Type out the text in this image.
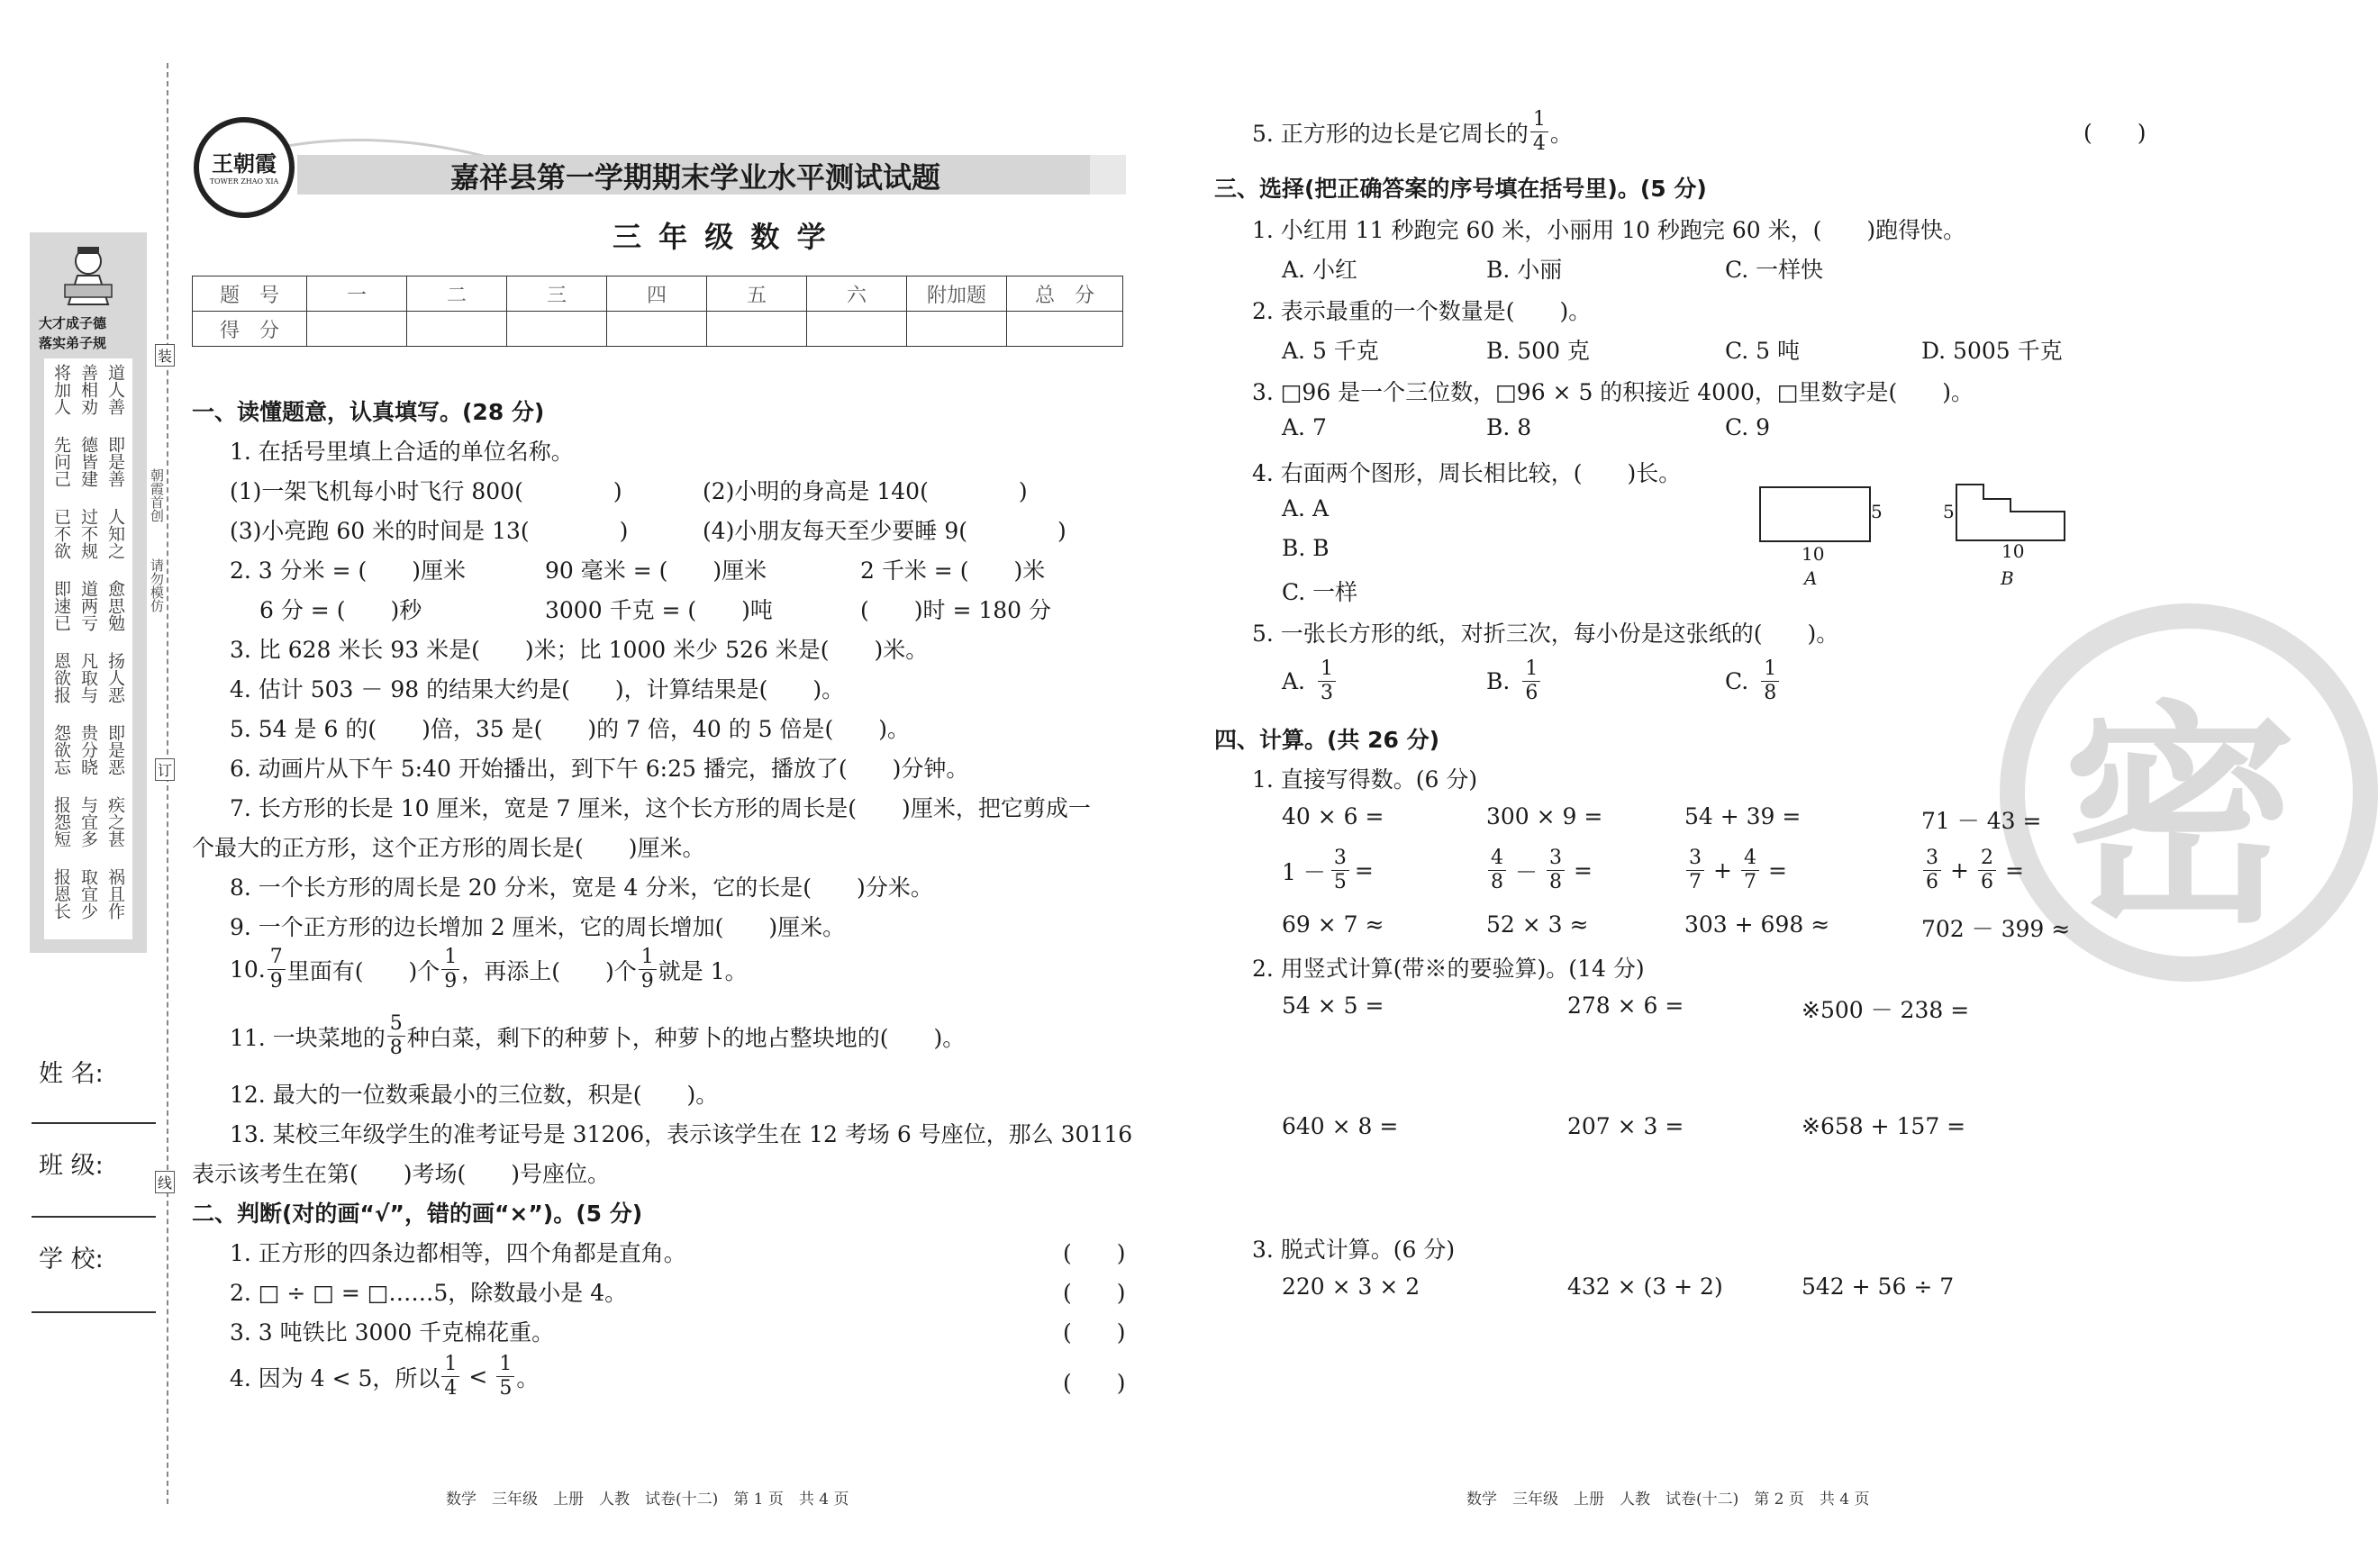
装
朝霞首创
请勿模仿
订
线
大才成子德
落实弟子规
道人善
善相劝
将加人
即是善
德皆建
先问己
人知之
过不规
已不欲
愈思勉
道两亏
即速已
扬人恶
凡取与
恩欲报
即是恶
贵分晓
怨欲忘
疾之甚
与宜多
报怨短
祸且作
取宜少
报恩长
姓 名:
班 级:
学 校:
王朝霞
TOWER ZHAO XIA	嘉祥县第一学期期末学业水平测试试题
三 年 级 数 学
题　号	一	二	三	四	五	六	附加题	总　分
得　分								
一、读懂题意，认真填写。(28 分)
1. 在括号里填上合适的单位名称。
(1)一架飞机每小时飞行 800(　　　　)	(2)小明的身高是 140(　　　　)
(3)小亮跑 60 米的时间是 13(　　　　)	(4)小朋友每天至少要睡 9(　　　　)
2. 3 分米 = (　　)厘米	90 毫米 = (　　)厘米	2 千米 = (　　)米
6 分 = (　　)秒	3000 千克 = (　　)吨	(　　)时 = 180 分
3. 比 628 米长 93 米是(　　)米；比 1000 米少 526 米是(　　)米。
4. 估计 503 － 98 的结果大约是(　　)，计算结果是(　　)。
5. 54 是 6 的(　　)倍，35 是(　　)的 7 倍，40 的 5 倍是(　　)。
6. 动画片从下午 5:40 开始播出，到下午 6:25 播完，播放了(　　)分钟。
7. 长方形的长是 10 厘米，宽是 7 厘米，这个长方形的周长是(　　)厘米，把它剪成一
个最大的正方形，这个正方形的周长是(　　)厘米。
8. 一个长方形的周长是 20 分米，宽是 4 分米，它的长是(　　)分米。
9. 一个正方形的边长增加 2 厘米，它的周长增加(　　)厘米。
10. $\frac{7}{9}$ 里面有(　　)个 $\frac{1}{9}$ ，再添上(　　)个 $\frac{1}{9}$ 就是 1。
11. 一块菜地的 $\frac{5}{8}$ 种白菜，剩下的种萝卜，种萝卜的地占整块地的(　　)。
12. 最大的一位数乘最小的三位数，积是(　　)。
13. 某校三年级学生的准考证号是 31206，表示该学生在 12 考场 6 号座位，那么 30116
表示该考生在第(　　)考场(　　)号座位。
二、判断(对的画“√”，错的画“×”)。(5 分)
1. 正方形的四条边都相等，四个角都是直角。	(　　)
2. □ ÷ □ = □……5，除数最小是 4。	(　　)
3. 3 吨铁比 3000 千克棉花重。	(　　)
4. 因为 4 < 5，所以 $\frac{1}{4} < \frac{1}{5}$ 。	(　　)
数学　三年级　上册　人教　试卷(十二)　第 1 页　共 4 页
密
5. 正方形的边长是它周长的 $\frac{1}{4}$ 。	(　　)
三、选择(把正确答案的序号填在括号里)。(5 分)
1. 小红用 11 秒跑完 60 米，小丽用 10 秒跑完 60 米，(　　)跑得快。
A. 小红	B. 小丽	C. 一样快
2. 表示最重的一个数量是(　　)。
A. 5 千克	B. 500 克	C. 5 吨	D. 5005 千克
3. □96 是一个三位数，□96 × 5 的积接近 4000，□里数字是(　　)。
A. 7	B. 8	C. 9
4. 右面两个图形，周长相比较，(　　)长。
A. A
B. B
C. 一样
5
10
A
5
10
B
5. 一张长方形的纸，对折三次，每小份是这张纸的(　　)。
A. $\frac{1}{3}$	B. $\frac{1}{6}$	C. $\frac{1}{8}$
四、计算。(共 26 分)
1. 直接写得数。(6 分)
40 × 6 =	300 × 9 =	54 + 39 =	71 － 43 =
$1 - \frac{3}{5}$ =	$\frac{4}{8} - \frac{3}{8}$ =	$\frac{3}{7} + \frac{4}{7}$ =	$\frac{3}{6} + \frac{2}{6}$ =
69 × 7 ≈	52 × 3 ≈	303 + 698 ≈	702 － 399 ≈
2. 用竖式计算(带※的要验算)。(14 分)
54 × 5 =	278 × 6 =	※500 － 238 =
640 × 8 =	207 × 3 =	※658 + 157 =
3. 脱式计算。(6 分)
220 × 3 × 2	432 × (3 + 2)	542 + 56 ÷ 7
数学　三年级　上册　人教　试卷(十二)　第 2 页　共 4 页
